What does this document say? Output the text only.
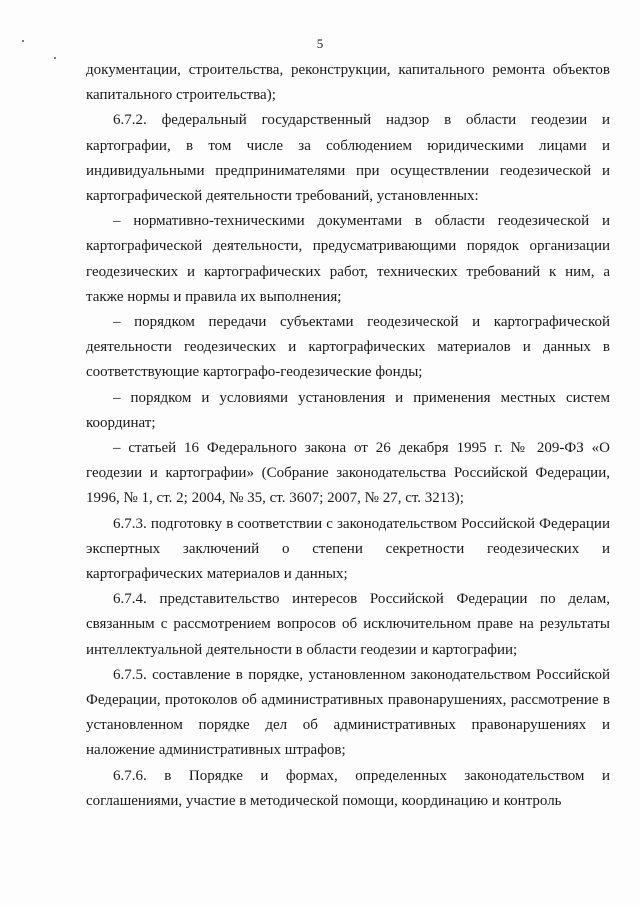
5

документации, строительства, реконструкции, капитального ремонта объектов капитального строительства);

6.7.2. федеральный государственный надзор в области геодезии и картографии, в том числе за соблюдением юридическими лицами и индивидуальными предпринимателями при осуществлении геодезической и картографической деятельности требований, установленных:

– нормативно-техническими документами в области геодезической и картографической деятельности, предусматривающими порядок организации геодезических и картографических работ, технических требований к ним, а также нормы и правила их выполнения;

– порядком передачи субъектами геодезической и картографической деятельности геодезических и картографических материалов и данных в соответствующие картографо-геодезические фонды;

– порядком и условиями установления и применения местных систем координат;

– статьей 16 Федерального закона от 26 декабря 1995 г. № 209-ФЗ «О геодезии и картографии» (Собрание законодательства Российской Федерации, 1996, № 1, ст. 2; 2004, № 35, ст. 3607; 2007, № 27, ст. 3213);

6.7.3. подготовку в соответствии с законодательством Российской Федерации экспертных заключений о степени секретности геодезических и картографических материалов и данных;

6.7.4. представительство интересов Российской Федерации по делам, связанным с рассмотрением вопросов об исключительном праве на результаты интеллектуальной деятельности в области геодезии и картографии;

6.7.5. составление в порядке, установленном законодательством Российской Федерации, протоколов об административных правонарушениях, рассмотрение в установленном порядке дел об административных правонарушениях и наложение административных штрафов;

6.7.6. в Порядке и формах, определенных законодательством и соглашениями, участие в методической помощи, координацию и контроль
